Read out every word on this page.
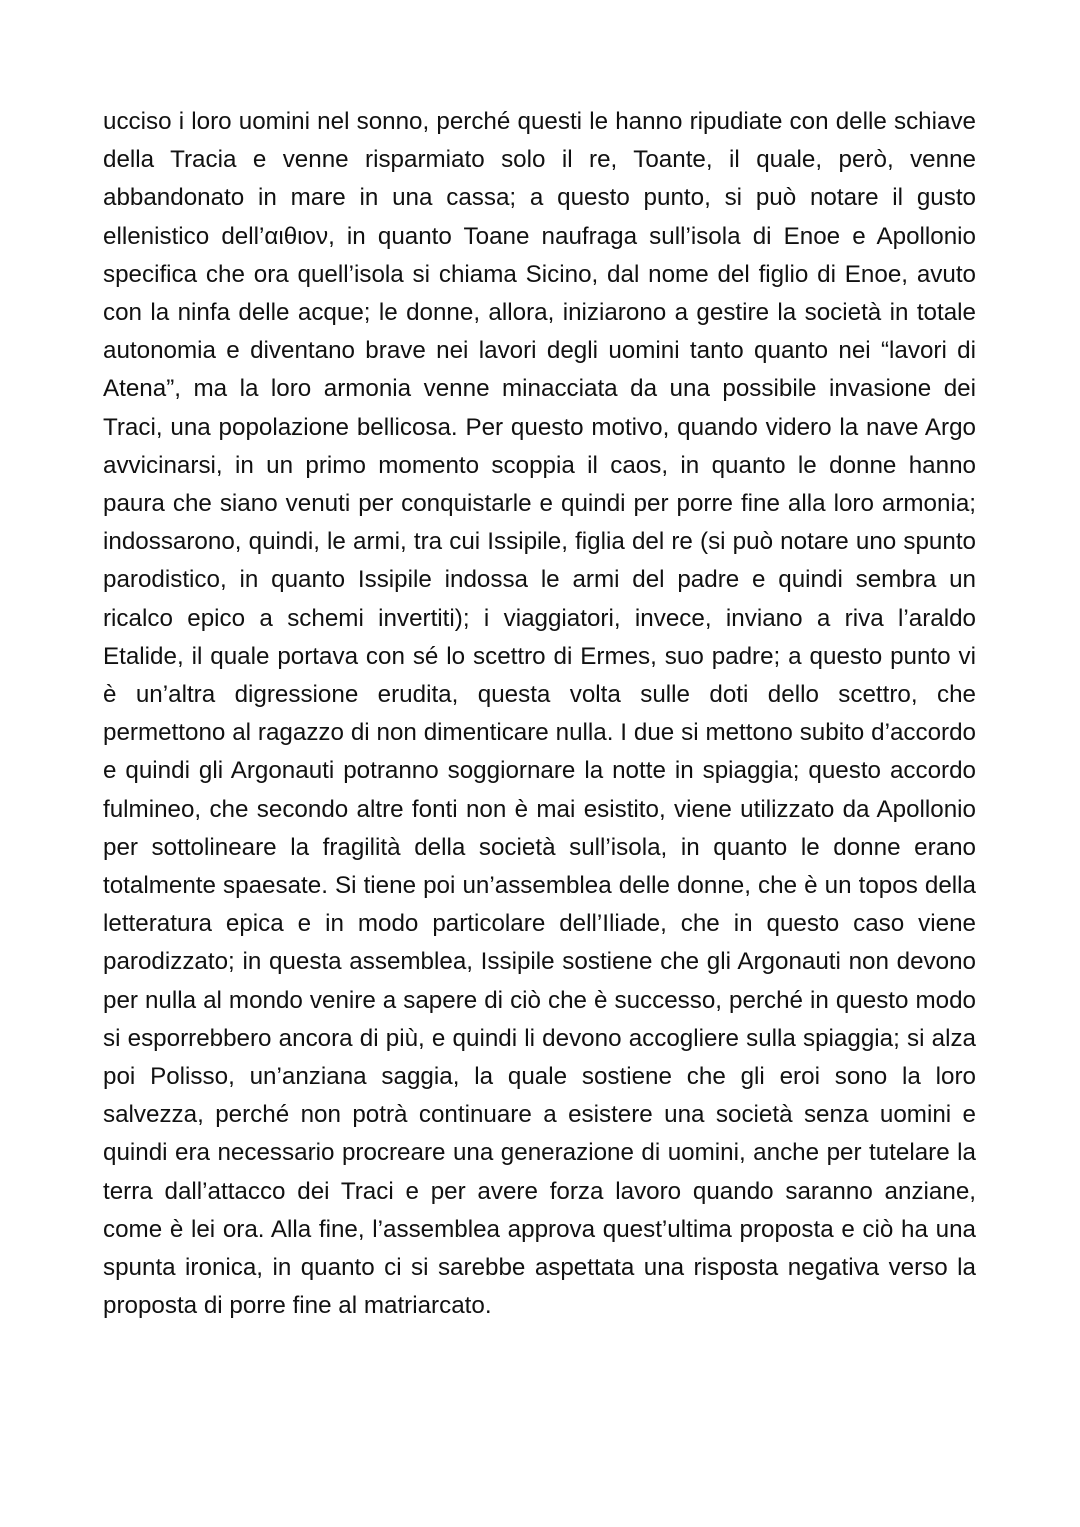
ucciso i loro uomini nel sonno, perché questi le hanno ripudiate con delle schiave della Tracia e venne risparmiato solo il re, Toante, il quale, però, venne abbandonato in mare in una cassa; a questo punto, si può notare il gusto ellenistico dell’αιθιον, in quanto Toane naufraga sull’isola di Enoe e Apollonio specifica che ora quell’isola si chiama Sicino, dal nome del figlio di Enoe, avuto con la ninfa delle acque; le donne, allora, iniziarono a gestire la società in totale autonomia e diventano brave nei lavori degli uomini tanto quanto nei “lavori di Atena”, ma la loro armonia venne minacciata da una possibile invasione dei Traci, una popolazione bellicosa. Per questo motivo, quando videro la nave Argo avvicinarsi, in un primo momento scoppia il caos, in quanto le donne hanno paura che siano venuti per conquistarle e quindi per porre fine alla loro armonia; indossarono, quindi, le armi, tra cui Issipile, figlia del re (si può notare uno spunto parodistico, in quanto Issipile indossa le armi del padre e quindi sembra un ricalco epico a schemi invertiti); i viaggiatori, invece, inviano a riva l’araldo Etalide, il quale portava con sé lo scettro di Ermes, suo padre; a questo punto vi è un’altra digressione erudita, questa volta sulle doti dello scettro, che permettono al ragazzo di non dimenticare nulla. I due si mettono subito d’accordo e quindi gli Argonauti potranno soggiornare la notte in spiaggia; questo accordo fulmineo, che secondo altre fonti non è mai esistito, viene utilizzato da Apollonio per sottolineare la fragilità della società sull’isola, in quanto le donne erano totalmente spaesate. Si tiene poi un’assemblea delle donne, che è un topos della letteratura epica e in modo particolare dell’Iliade, che in questo caso viene parodizzato; in questa assemblea, Issipile sostiene che gli Argonauti non devono per nulla al mondo venire a sapere di ciò che è successo, perché in questo modo si esporrebbero ancora di più, e quindi li devono accogliere sulla spiaggia; si alza poi Polisso, un’anziana saggia, la quale sostiene che gli eroi sono la loro salvezza, perché non potrà continuare a esistere una società senza uomini e quindi era necessario procreare una generazione di uomini, anche per tutelare la terra dall’attacco dei Traci e per avere forza lavoro quando saranno anziane, come è lei ora. Alla fine, l’assemblea approva quest’ultima proposta e ciò ha una spunta ironica, in quanto ci si sarebbe aspettata una risposta negativa verso la proposta di porre fine al matriarcato.
